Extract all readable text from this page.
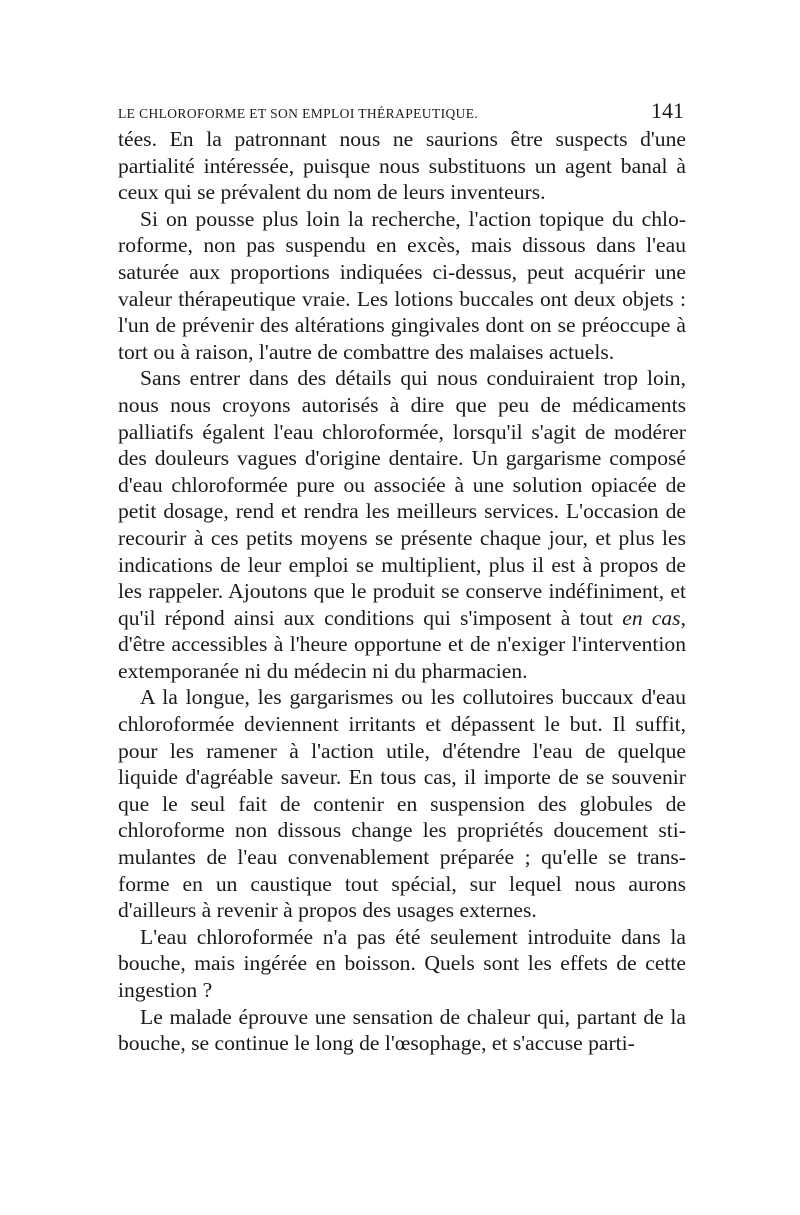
LE CHLOROFORME ET SON EMPLOI THÉRAPEUTIQUE.	141

tées. En la patronnant nous ne saurions être suspects d'une partialité intéressée, puisque nous substituons un agent banal à ceux qui se prévalent du nom de leurs inventeurs.

Si on pousse plus loin la recherche, l'action topique du chloroforme, non pas suspendu en excès, mais dissous dans l'eau saturée aux proportions indiquées ci-dessus, peut acquérir une valeur thérapeutique vraie. Les lotions buccales ont deux objets : l'un de prévenir des altérations gingivales dont on se préoccupe à tort ou à raison, l'autre de combattre des malaises actuels.

Sans entrer dans des détails qui nous conduiraient trop loin, nous nous croyons autorisés à dire que peu de médicaments palliatifs égalent l'eau chloroformée, lorsqu'il s'agit de modérer des douleurs vagues d'origine dentaire. Un gargarisme composé d'eau chloroformée pure ou associée à une solution opiacée de petit dosage, rend et rendra les meilleurs services. L'occasion de recourir à ces petits moyens se présente chaque jour, et plus les indications de leur emploi se multiplient, plus il est à propos de les rappeler. Ajoutons que le produit se conserve indéfiniment, et qu'il répond ainsi aux conditions qui s'imposent à tout en cas, d'être accessibles à l'heure opportune et de n'exiger l'intervention extemporanée ni du médecin ni du pharmacien.

A la longue, les gargarismes ou les collutoires buccaux d'eau chloroformée deviennent irritants et dépassent le but. Il suffit, pour les ramener à l'action utile, d'étendre l'eau de quelque liquide d'agréable saveur. En tous cas, il importe de se souvenir que le seul fait de contenir en suspension des globules de chloroforme non dissous change les propriétés doucement stimulantes de l'eau convenablement préparée ; qu'elle se transforme en un caustique tout spécial, sur lequel nous aurons d'ailleurs à revenir à propos des usages externes.

L'eau chloroformée n'a pas été seulement introduite dans la bouche, mais ingérée en boisson. Quels sont les effets de cette ingestion ?

Le malade éprouve une sensation de chaleur qui, partant de la bouche, se continue le long de l'œsophage, et s'accuse parti-
